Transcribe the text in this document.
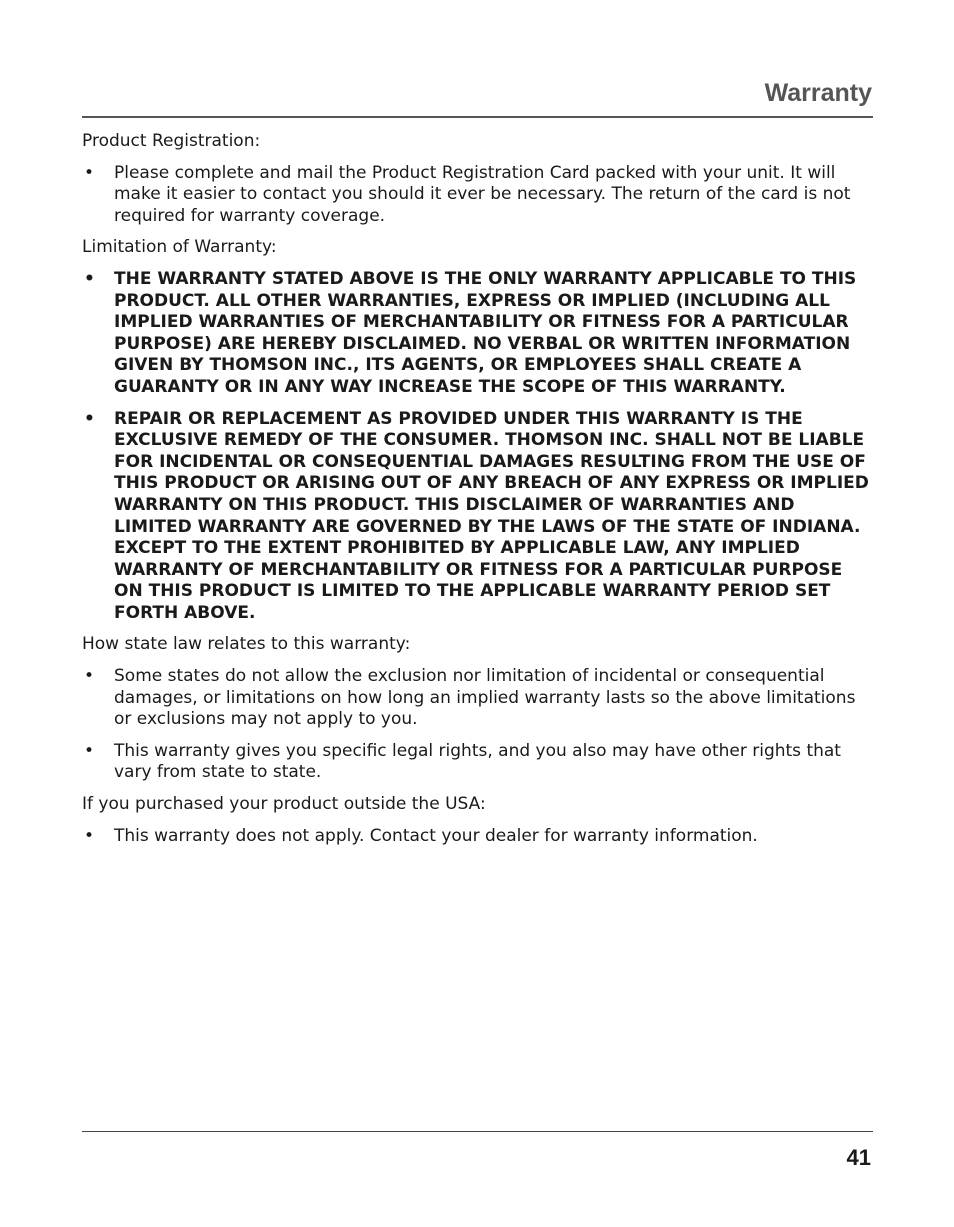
Warranty

Product Registration:

• Please complete and mail the Product Registration Card packed with your unit. It will make it easier to contact you should it ever be necessary. The return of the card is not required for warranty coverage.

Limitation of Warranty:

• THE WARRANTY STATED ABOVE IS THE ONLY WARRANTY APPLICABLE TO THIS PRODUCT. ALL OTHER WARRANTIES, EXPRESS OR IMPLIED (INCLUDING ALL IMPLIED WARRANTIES OF MERCHANTABILITY OR FITNESS FOR A PARTICULAR PURPOSE) ARE HEREBY DISCLAIMED. NO VERBAL OR WRITTEN INFORMATION GIVEN BY THOMSON INC., ITS AGENTS, OR EMPLOYEES SHALL CREATE A GUARANTY OR IN ANY WAY INCREASE THE SCOPE OF THIS WARRANTY.
• REPAIR OR REPLACEMENT AS PROVIDED UNDER THIS WARRANTY IS THE EXCLUSIVE REMEDY OF THE CONSUMER. THOMSON INC. SHALL NOT BE LIABLE FOR INCIDENTAL OR CONSEQUENTIAL DAMAGES RESULTING FROM THE USE OF THIS PRODUCT OR ARISING OUT OF ANY BREACH OF ANY EXPRESS OR IMPLIED WARRANTY ON THIS PRODUCT. THIS DISCLAIMER OF WARRANTIES AND LIMITED WARRANTY ARE GOVERNED BY THE LAWS OF THE STATE OF INDIANA. EXCEPT TO THE EXTENT PROHIBITED BY APPLICABLE LAW, ANY IMPLIED WARRANTY OF MERCHANTABILITY OR FITNESS FOR A PARTICULAR PURPOSE ON THIS PRODUCT IS LIMITED TO THE APPLICABLE WARRANTY PERIOD SET FORTH ABOVE.

How state law relates to this warranty:

• Some states do not allow the exclusion nor limitation of incidental or consequential damages, or limitations on how long an implied warranty lasts so the above limitations or exclusions may not apply to you.
• This warranty gives you specific legal rights, and you also may have other rights that vary from state to state.

If you purchased your product outside the USA:

• This warranty does not apply. Contact your dealer for warranty information.
41
